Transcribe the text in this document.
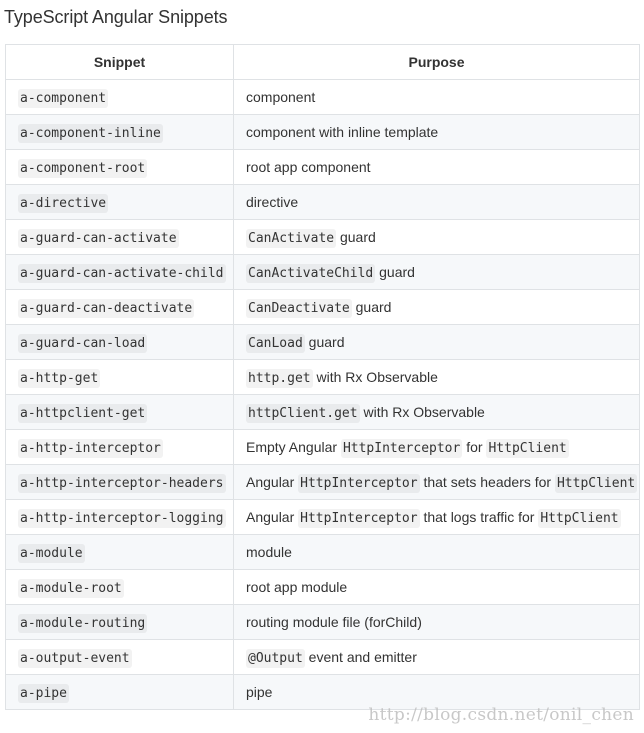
TypeScript Angular Snippets
Snippet	Purpose
a-component	component
a-component-inline	component with inline template
a-component-root	root app component
a-directive	directive
a-guard-can-activate	CanActivate guard
a-guard-can-activate-child	CanActivateChild guard
a-guard-can-deactivate	CanDeactivate guard
a-guard-can-load	CanLoad guard
a-http-get	http.get with Rx Observable
a-httpclient-get	httpClient.get with Rx Observable
a-http-interceptor	Empty Angular HttpInterceptor for HttpClient
a-http-interceptor-headers	Angular HttpInterceptor that sets headers for HttpClient
a-http-interceptor-logging	Angular HttpInterceptor that logs traffic for HttpClient
a-module	module
a-module-root	root app module
a-module-routing	routing module file (forChild)
a-output-event	@Output event and emitter
a-pipe	pipe
http://blog.csdn.net/onil_chen
